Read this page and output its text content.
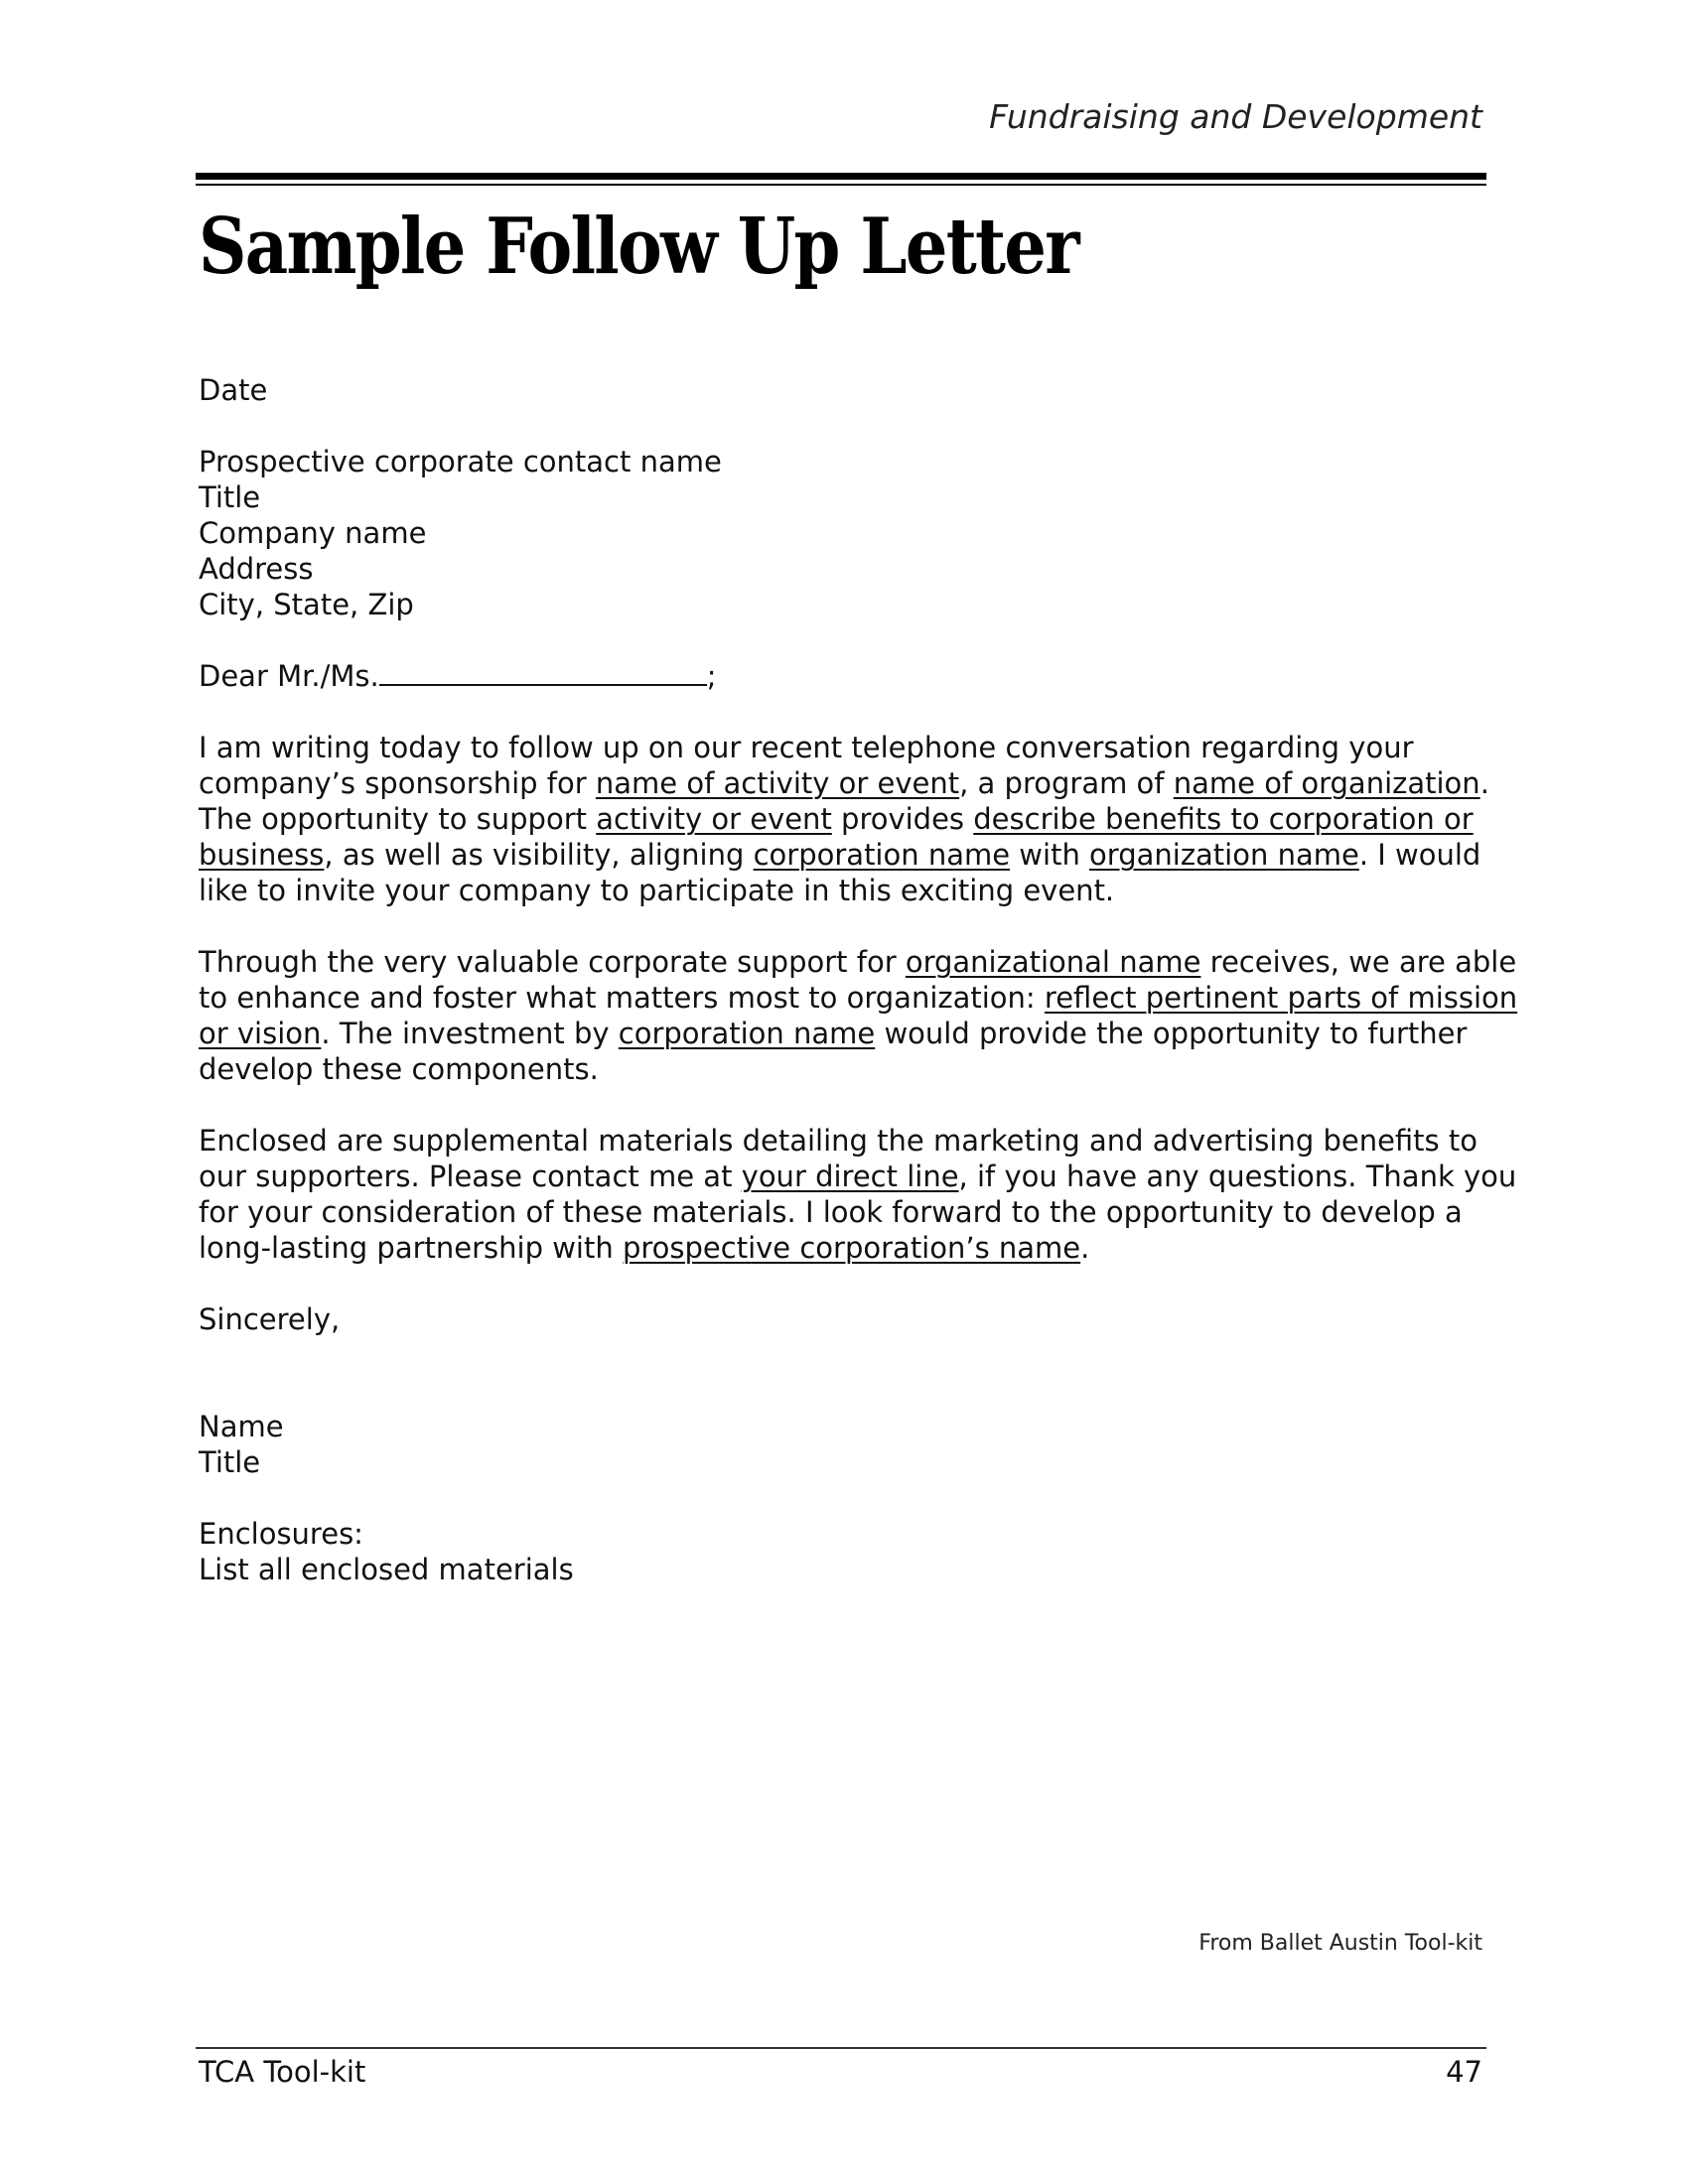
Fundraising and Development
Sample Follow Up Letter

Date

Prospective corporate contact name
Title
Company name
Address
City, State, Zip

Dear Mr./Ms.	;

I am writing today to follow up on our recent telephone conversation regarding your company’s sponsorship for name of activity or event, a program of name of organization. The opportunity to support activity or event provides describe benefits to corporation or business, as well as visibility, aligning corporation name with organization name. I would like to invite your company to participate in this exciting event.

Through the very valuable corporate support for organizational name receives, we are able to enhance and foster what matters most to organization: reflect pertinent parts of mission or vision. The investment by corporation name would provide the opportunity to further develop these components.

Enclosed are supplemental materials detailing the marketing and advertising benefits to our supporters. Please contact me at your direct line, if you have any questions. Thank you for your consideration of these materials. I look forward to the opportunity to develop a long-lasting partnership with prospective corporation’s name.

Sincerely,

Name
Title

Enclosures:
List all enclosed materials

From Ballet Austin Tool-kit
TCA Tool-kit	47
